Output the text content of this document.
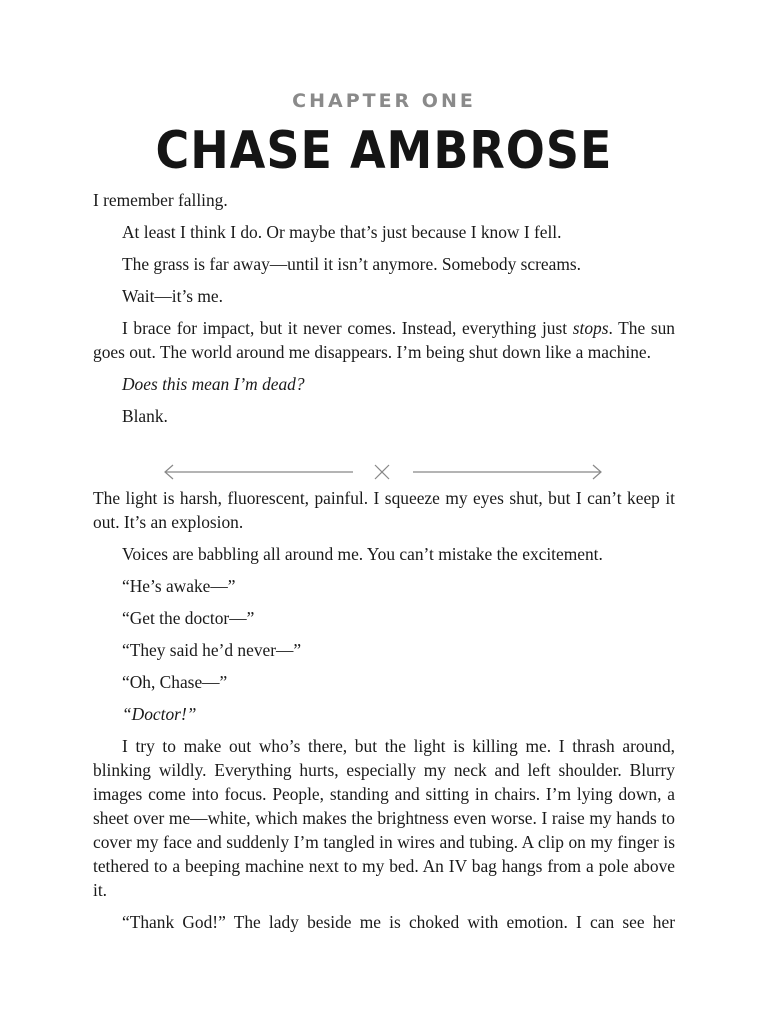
CHAPTER ONE
CHASE AMBROSE

I remember falling.

At least I think I do. Or maybe that’s just because I know I fell.

The grass is far away—until it isn’t anymore. Somebody screams.

Wait—it’s me.

I brace for impact, but it never comes. Instead, everything just stops. The sun goes out. The world around me disappears. I’m being shut down like a machine.

Does this mean I’m dead?

Blank.

The light is harsh, fluorescent, painful. I squeeze my eyes shut, but I can’t keep it out. It’s an explosion.

Voices are babbling all around me. You can’t mistake the excitement.

“He’s awake—”

“Get the doctor—”

“They said he’d never—”

“Oh, Chase—”

“Doctor!”

I try to make out who’s there, but the light is killing me. I thrash around, blinking wildly. Everything hurts, especially my neck and left shoulder. Blurry images come into focus. People, standing and sitting in chairs. I’m lying down, a sheet over me—white, which makes the brightness even worse. I raise my hands to cover my face and suddenly I’m tangled in wires and tubing. A clip on my finger is tethered to a beeping machine next to my bed. An IV bag hangs from a pole above it.

“Thank God!” The lady beside me is choked with emotion. I can see her
